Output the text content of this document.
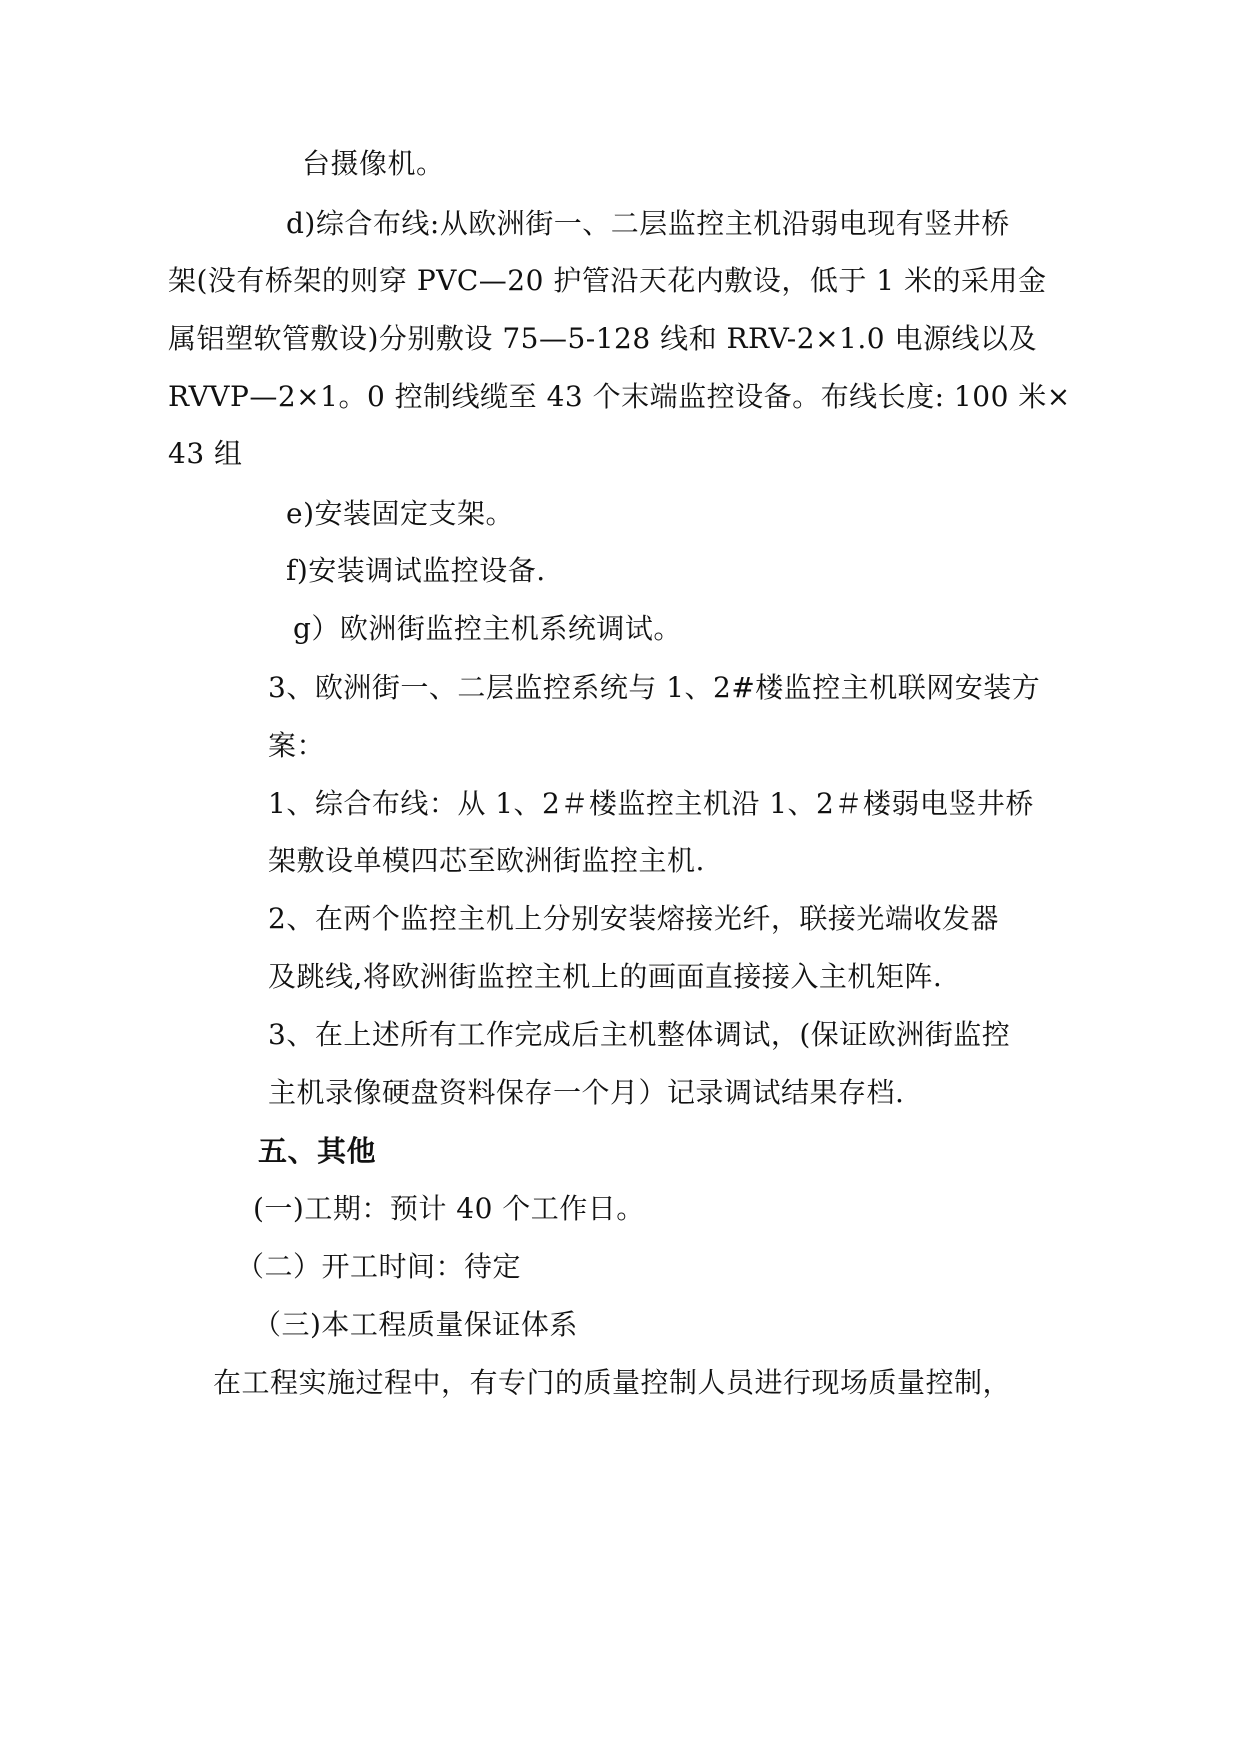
台摄像机。

d)综合布线:从欧洲街一、二层监控主机沿弱电现有竖井桥

架(没有桥架的则穿 PVC—20 护管沿天花内敷设，低于 1 米的采用金

属铝塑软管敷设)分别敷设 75—5-128 线和 RRV-2×1.0 电源线以及

RVVP—2×1。0 控制线缆至 43 个末端监控设备。布线长度: 100 米×

43 组

e)安装固定支架。

f)安装调试监控设备.

g）欧洲街监控主机系统调试。

3、欧洲街一、二层监控系统与 1、2#楼监控主机联网安装方

案：

1、综合布线：从 1、2＃楼监控主机沿 1、2＃楼弱电竖井桥

架敷设单模四芯至欧洲街监控主机.

2、在两个监控主机上分别安装熔接光纤，联接光端收发器

及跳线,将欧洲街监控主机上的画面直接接入主机矩阵.

3、在上述所有工作完成后主机整体调试，(保证欧洲街监控

主机录像硬盘资料保存一个月）记录调试结果存档.

五、其他

(一)工期：预计 40 个工作日。

（二）开工时间：待定

（三)本工程质量保证体系

在工程实施过程中，有专门的质量控制人员进行现场质量控制，
